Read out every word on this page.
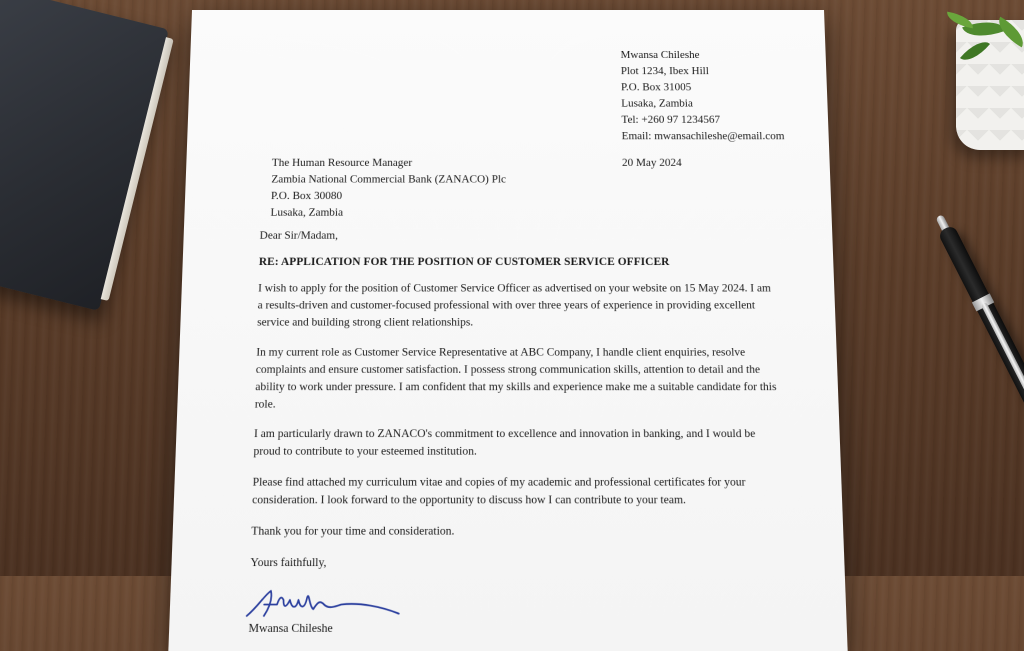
Mwansa Chileshe
Plot 1234, Ibex Hill
P.O. Box 31005
Lusaka, Zambia
Tel: +260 97 1234567
Email: mwansachileshe@email.com
20 May 2024
The Human Resource Manager
Zambia National Commercial Bank (ZANACO) Plc
P.O. Box 30080
Lusaka, Zambia
Dear Sir/Madam,
RE: APPLICATION FOR THE POSITION OF CUSTOMER SERVICE OFFICER

I wish to apply for the position of Customer Service Officer as advertised on your website on 15 May 2024. I am a results-driven and customer-focused professional with over three years of experience in providing excellent service and building strong client relationships.

In my current role as Customer Service Representative at ABC Company, I handle client enquiries, resolve complaints and ensure customer satisfaction. I possess strong communication skills, attention to detail and the ability to work under pressure. I am confident that my skills and experience make me a suitable candidate for this role.

I am particularly drawn to ZANACO's commitment to excellence and innovation in banking, and I would be proud to contribute to your esteemed institution.

Please find attached my curriculum vitae and copies of my academic and professional certificates for your consideration. I look forward to the opportunity to discuss how I can contribute to your team.

Thank you for your time and consideration.

Yours faithfully,
Mwansa Chileshe
